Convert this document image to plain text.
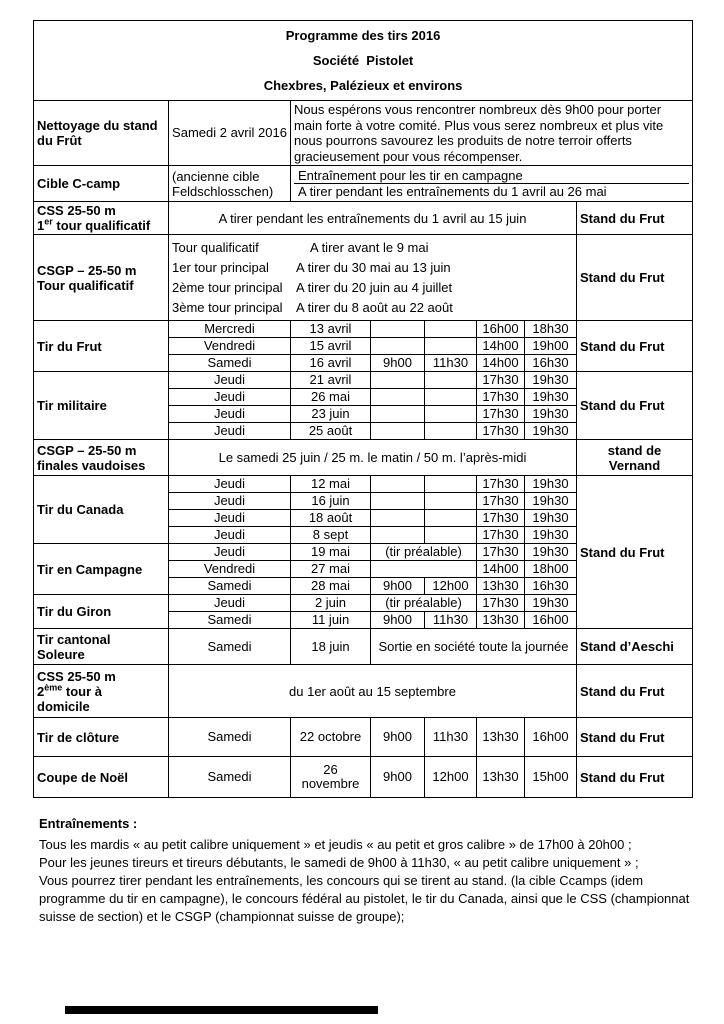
Programme des tirs 2016
Société  Pistolet
Chexbres, Palézieux et environs							

Nettoyage du stand du Frût	Samedi 2 avril 2016	Nous espérons vous rencontrer nombreux dès 9h00 pour porter main forte à votre comité. Plus vous serez nombreux et plus vite nous pourrons savourez les produits de notre terroir offerts gracieusement pour vous récompenser.					
Cible C-camp	(ancienne cible Feldschlosschen)	Entraînement pour les tir en campagne
A tirer pendant les entraînements du 1 avril au 26 mai					

CSS 25-50 m
1er tour qualificatif	A tirer pendant les entraînements du 1 avril au 15 juin						Stand du Frut

CSGP – 25-50 m
Tour qualificatif

Tour qualificatif	A tirer avant le 9 mai
1er tour principal	A tirer du 30 mai au 13 juin
2ème tour principal	A tirer du 20 juin au 4 juillet
3ème tour principal	A tirer du 8 août au 22 août
	Stand du Frut
Tir du Frut	Mercredi	13 avril			16h00	18h30	Stand du Frut
	Vendredi	15 avril			14h00	19h00	
	Samedi	16 avril	9h00	11h30	14h00	16h30	
Tir militaire	Jeudi	21 avril			17h30	19h30	Stand du Frut
	Jeudi	26 mai			17h30	19h30	
	Jeudi	23 juin			17h30	19h30	
	Jeudi	25 août			17h30	19h30	

CSGP – 25-50 m
finales vaudoises	Le samedi 25 juin / 25 m. le matin / 50 m. l’après-midi	stand de
Vernand

Tir du Canada	Jeudi	12 mai			17h30	19h30	Stand du Frut
	Jeudi	16 juin			17h30	19h30	
	Jeudi	18 août			17h30	19h30	
	Jeudi	8 sept			17h30	19h30	
Tir en Campagne	Jeudi	19 mai	(tir préalable)		17h30	19h30	
	Vendredi	27 mai			14h00	18h00	
	Samedi	28 mai	9h00	12h00	13h30	16h30	
Tir du Giron	Jeudi	2 juin	(tir préalable)		17h30	19h30	
	Samedi	11 juin	9h00	11h30	13h30	16h00	

Tir cantonal
Soleure	Samedi	18 juin	Sortie en société toute la journée				Stand d’Aeschi

CSS 25-50 m
2ème tour à
domicile	du 1er août au 15 septembre						Stand du Frut
Tir de clôture	Samedi	22 octobre	9h00	11h30	13h30	16h00	Stand du Frut
Coupe de Noël	Samedi	26 novembre	9h00	12h00	13h30	15h00	Stand du Frut
Entraînements :
Tous les mardis « au petit calibre uniquement » et jeudis « au petit et gros calibre » de 17h00 à 20h00 ;
Pour les jeunes tireurs et tireurs débutants, le samedi de 9h00 à 11h30, « au petit calibre uniquement » ;
Vous pourrez tirer pendant les entraînements, les concours qui se tirent au stand. (la cible Ccamps (idem programme du tir en campagne), le concours fédéral au pistolet, le tir du Canada, ainsi que le CSS (championnat suisse de section) et le CSGP (championnat suisse de groupe);
